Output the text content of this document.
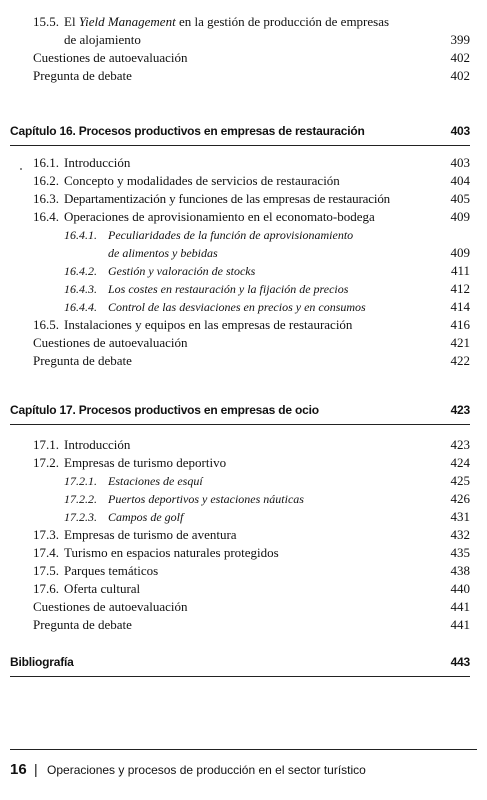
15.5. El Yield Management en la gestión de producción de empresas
de alojamiento	399
Cuestiones de autoevaluación	402
Pregunta de debate	402
Capítulo 16. Procesos productivos en empresas de restauración	403
16.1. Introducción	403
16.2. Concepto y modalidades de servicios de restauración	404
16.3. Departamentización y funciones de las empresas de restauración	405
16.4. Operaciones de aprovisionamiento en el economato-bodega	409
16.4.1. Peculiaridades de la función de aprovisionamiento
de alimentos y bebidas	409
16.4.2. Gestión y valoración de stocks	411
16.4.3. Los costes en restauración y la fijación de precios	412
16.4.4. Control de las desviaciones en precios y en consumos	414
16.5. Instalaciones y equipos en las empresas de restauración	416
Cuestiones de autoevaluación	421
Pregunta de debate	422
Capítulo 17. Procesos productivos en empresas de ocio	423
17.1. Introducción	423
17.2. Empresas de turismo deportivo	424
17.2.1. Estaciones de esquí	425
17.2.2. Puertos deportivos y estaciones náuticas	426
17.2.3. Campos de golf	431
17.3. Empresas de turismo de aventura	432
17.4. Turismo en espacios naturales protegidos	435
17.5. Parques temáticos	438
17.6. Oferta cultural	440
Cuestiones de autoevaluación	441
Pregunta de debate	441
Bibliografía	443
16 | Operaciones y procesos de producción en el sector turístico
